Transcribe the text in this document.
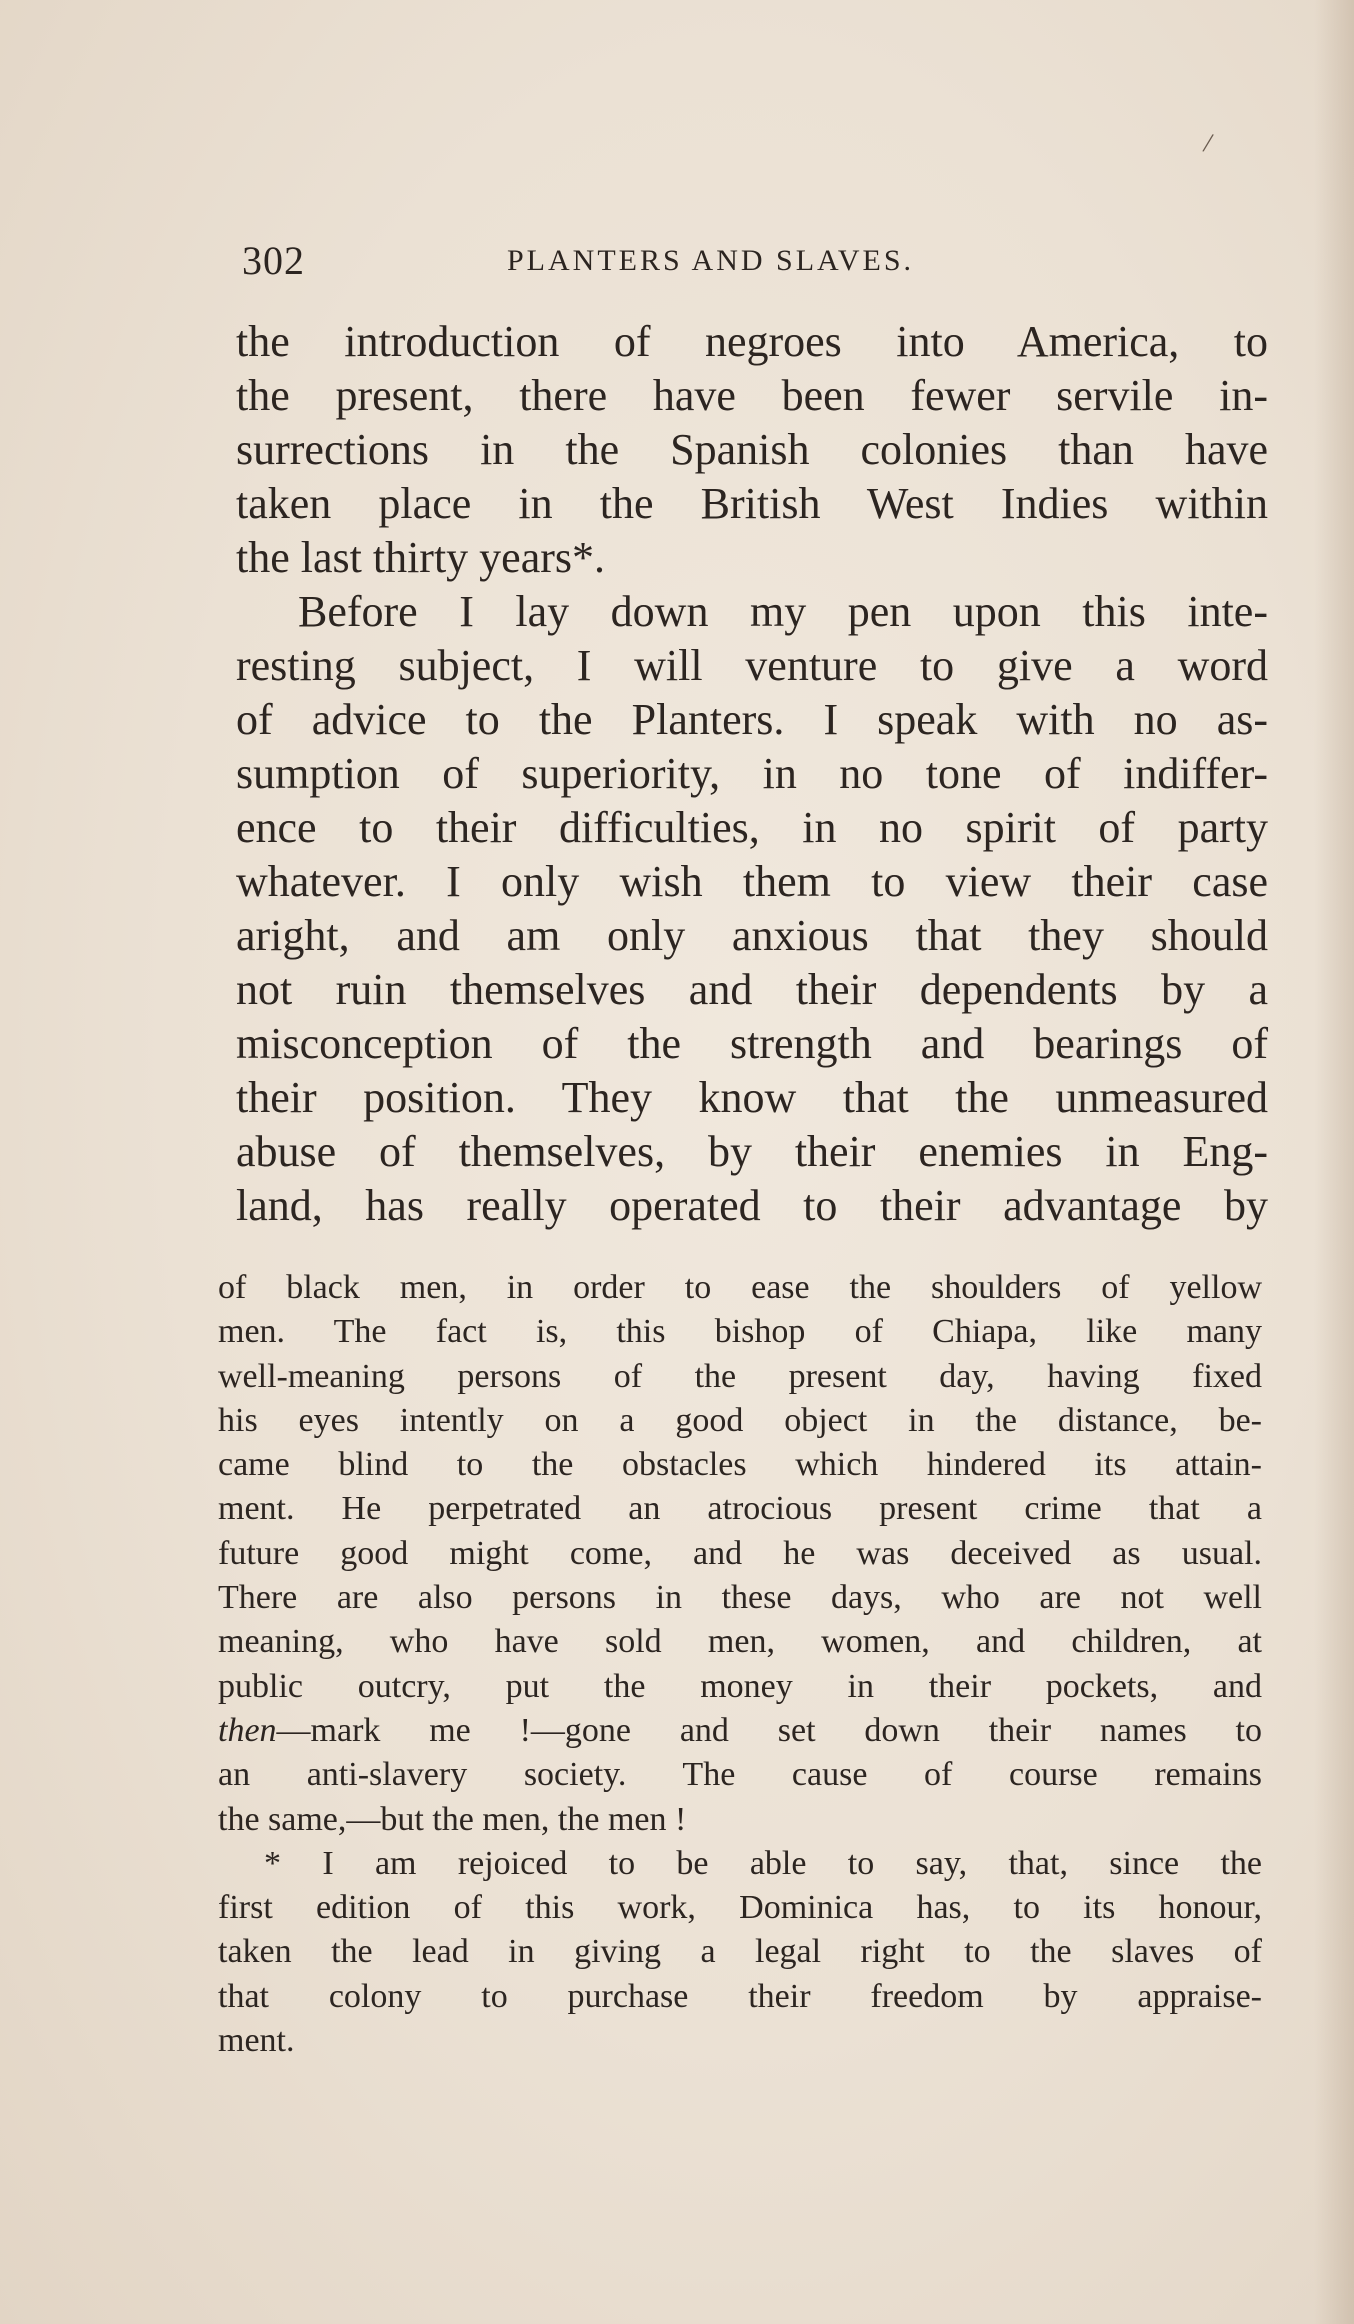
/
302	PLANTERS AND SLAVES.
the introduction of negroes into America, to
the present, there have been fewer servile in-
surrections in the Spanish colonies than have
taken place in the British West Indies within
the last thirty years*.
Before I lay down my pen upon this inte-
resting subject, I will venture to give a word
of advice to the Planters. I speak with no as-
sumption of superiority, in no tone of indiffer-
ence to their difficulties, in no spirit of party
whatever. I only wish them to view their case
aright, and am only anxious that they should
not ruin themselves and their dependents by a
misconception of the strength and bearings of
their position. They know that the unmeasured
abuse of themselves, by their enemies in Eng-
land, has really operated to their advantage by
of black men, in order to ease the shoulders of yellow
men. The fact is, this bishop of Chiapa, like many
well-meaning persons of the present day, having fixed
his eyes intently on a good object in the distance, be-
came blind to the obstacles which hindered its attain-
ment. He perpetrated an atrocious present crime that a
future good might come, and he was deceived as usual.
There are also persons in these days, who are not well
meaning, who have sold men, women, and children, at
public outcry, put the money in their pockets, and
then—mark me !—gone and set down their names to
an anti-slavery society. The cause of course remains
the same,—but the men, the men !
* I am rejoiced to be able to say, that, since the
first edition of this work, Dominica has, to its honour,
taken the lead in giving a legal right to the slaves of
that colony to purchase their freedom by appraise-
ment.
